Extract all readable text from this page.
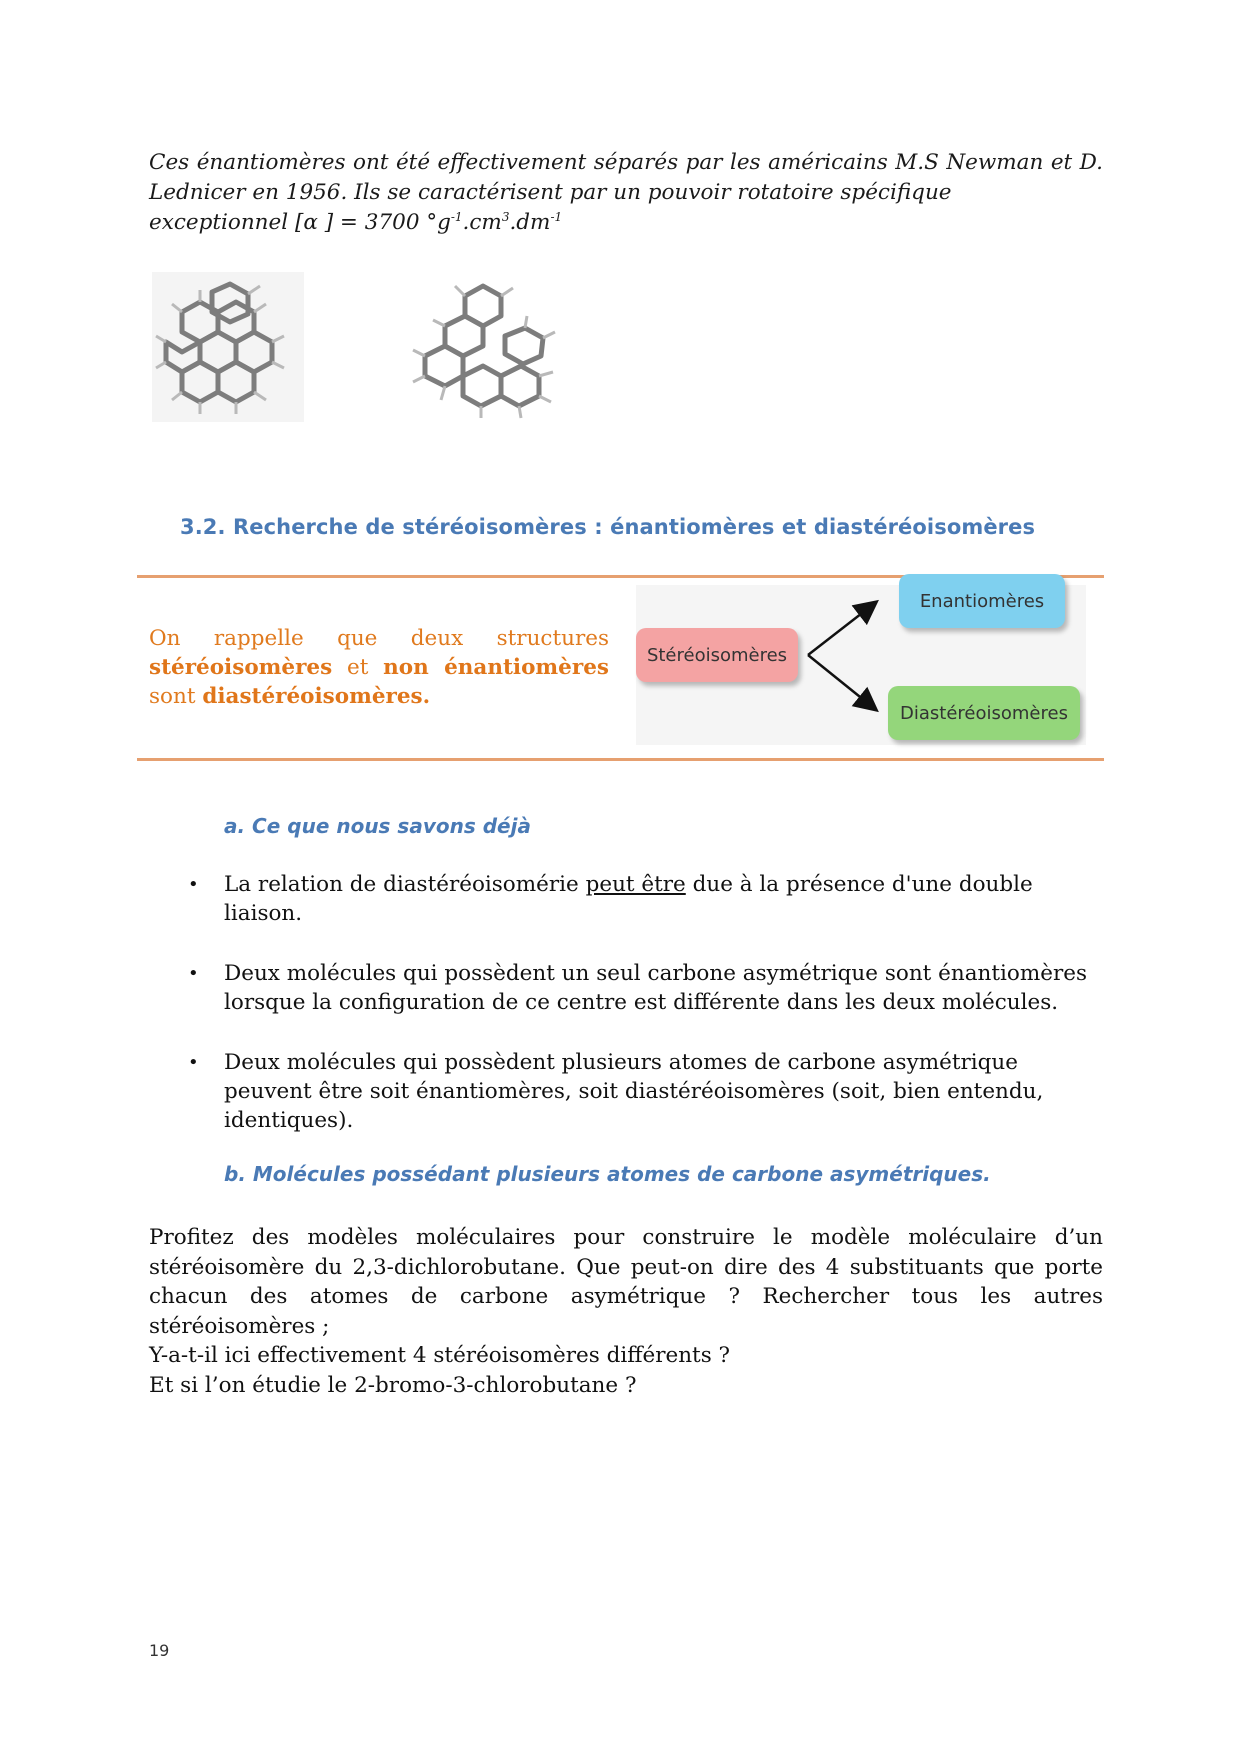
Ces énantiomères ont été effectivement séparés par les américains M.S Newman et D.
Lednicer en 1956. Ils se caractérisent par un pouvoir rotatoire spécifique
exceptionnel [α ] = 3700 $^\circ g^{-1}.cm^3.dm^{-1}$
3.2. Recherche de stéréoisomères : énantiomères et diastéréoisomères
On rappelle que deux structures
stéréoisomères et non énantiomères
sont diastéréoisomères.
Stéréoisomères
Enantiomères
Diastéréoisomères
a. Ce que nous savons déjà
• La relation de diastéréoisomérie peut être due à la présence d'une double liaison.
• Deux molécules qui possèdent un seul carbone asymétrique sont énantiomères lorsque la configuration de ce centre est différente dans les deux molécules.
• Deux molécules qui possèdent plusieurs atomes de carbone asymétrique peuvent être soit énantiomères, soit diastéréoisomères (soit, bien entendu, identiques).
b. Molécules possédant plusieurs atomes de carbone asymétriques.
Profitez des modèles moléculaires pour construire le modèle moléculaire d’un
stéréoisomère du 2,3-dichlorobutane. Que peut-on dire des 4 substituants que porte
chacun des atomes de carbone asymétrique ? Rechercher tous les autres
stéréoisomères ;
Y-a-t-il ici effectivement 4 stéréoisomères différents ?
Et si l’on étudie le 2-bromo-3-chlorobutane ?
19
